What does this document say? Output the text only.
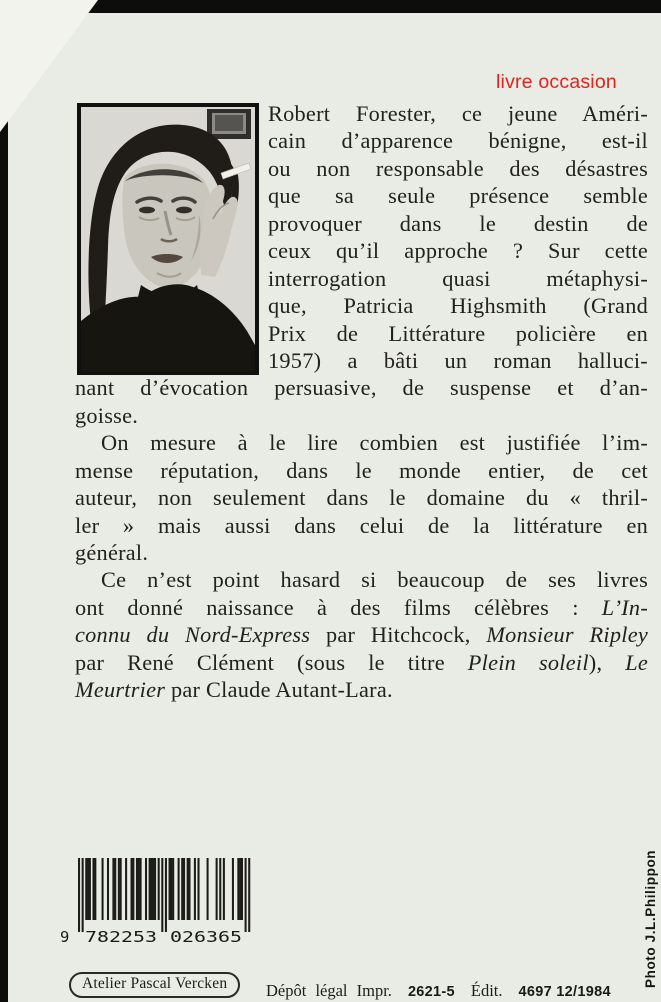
livre occasion
Robert Forester, ce jeune Améri-
cain d’apparence bénigne, est-il
ou non responsable des désastres
que sa seule présence semble
provoquer dans le destin de
ceux qu’il approche ? Sur cette
interrogation quasi métaphysi-
que, Patricia Highsmith (Grand
Prix de Littérature policière en
1957) a bâti un roman halluci-
nant d’évocation persuasive, de suspense et d’an-
goisse.
On mesure à le lire combien est justifiée l’im-
mense réputation, dans le monde entier, de cet
auteur, non seulement dans le domaine du « thril-
ler » mais aussi dans celui de la littérature en
général.
Ce n’est point hasard si beaucoup de ses livres
ont donné naissance à des films célèbres : L’In-
connu du Nord-Express par Hitchcock, Monsieur Ripley
par René Clément (sous le titre Plein soleil), Le
Meurtrier par Claude Autant-Lara.
9 782253 026365
Atelier Pascal Vercken	Dépôt légal Impr. 2621-5 Édit. 4697 12/1984
Photo J.L.Philippon
